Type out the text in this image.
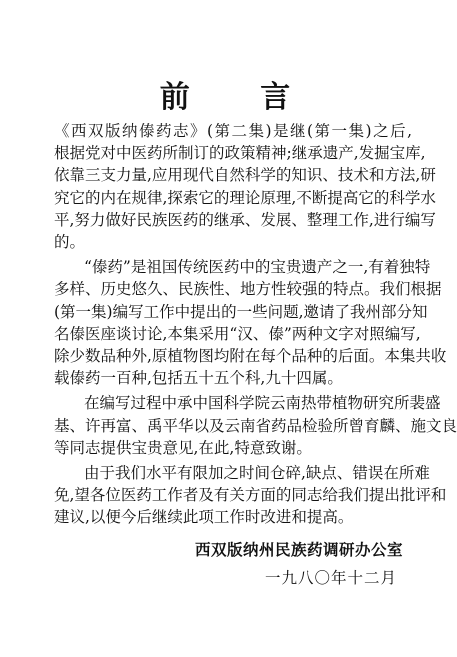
前 言
《西双版纳傣药志》(第二集)是继(第一集)之后,
根据党对中医药所制订的政策精神;继承遗产,发掘宝库,
依靠三支力量,应用现代自然科学的知识、技术和方法,研
究它的内在规律,探索它的理论原理,不断提高它的科学水
平,努力做好民族医药的继承、发展、整理工作,进行编写
的。
“傣药”是祖国传统医药中的宝贵遗产之一,有着独特
多样、历史悠久、民族性、地方性较强的特点。我们根据
(第一集)编写工作中提出的一些问题,邀请了我州部分知
名傣医座谈讨论,本集采用“汉、傣”两种文字对照编写,
除少数品种外,原植物图均附在每个品种的后面。本集共收
载傣药一百种,包括五十五个科,九十四属。
在编写过程中承中国科学院云南热带植物研究所裴盛
基、许再富、禹平华以及云南省药品检验所曾育麟、施文良
等同志提供宝贵意见,在此,特意致谢。
由于我们水平有限加之时间仓碎,缺点、错误在所难
免,望各位医药工作者及有关方面的同志给我们提出批评和
建议,以便今后继续此项工作时改进和提高。
西双版纳州民族药调研办公室
一九八〇年十二月
